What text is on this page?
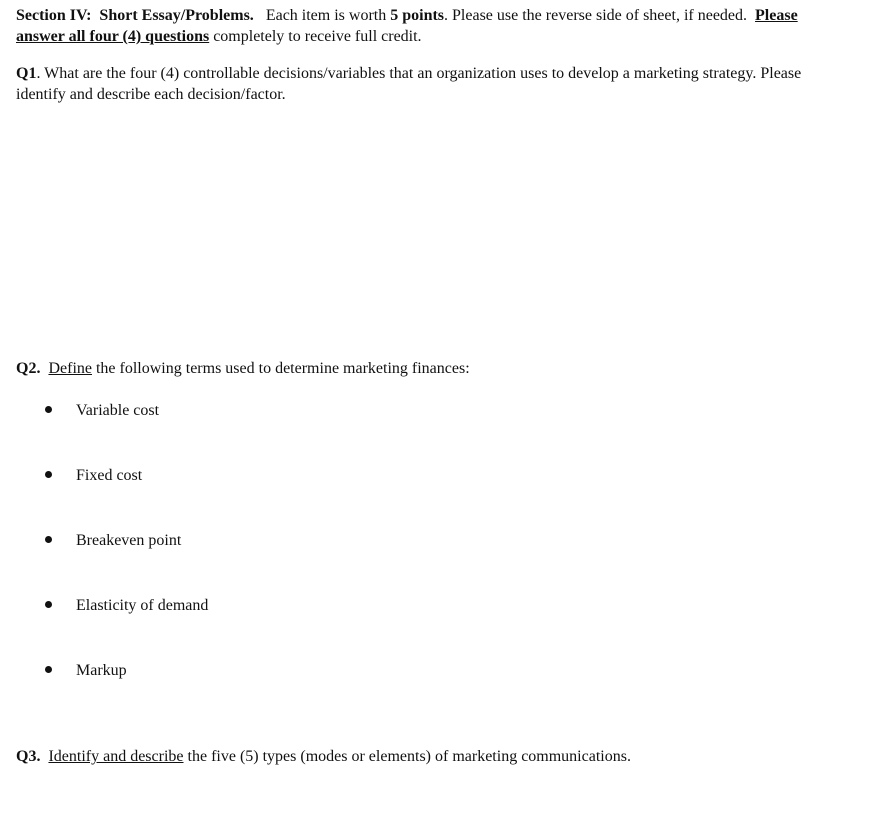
Section IV: Short Essay/Problems. Each item is worth 5 points. Please use the reverse side of sheet, if needed. Please answer all four (4) questions completely to receive full credit.
Q1. What are the four (4) controllable decisions/variables that an organization uses to develop a marketing strategy. Please identify and describe each decision/factor.
Q2. Define the following terms used to determine marketing finances:
Variable cost
Fixed cost
Breakeven point
Elasticity of demand
Markup
Q3. Identify and describe the five (5) types (modes or elements) of marketing communications.
